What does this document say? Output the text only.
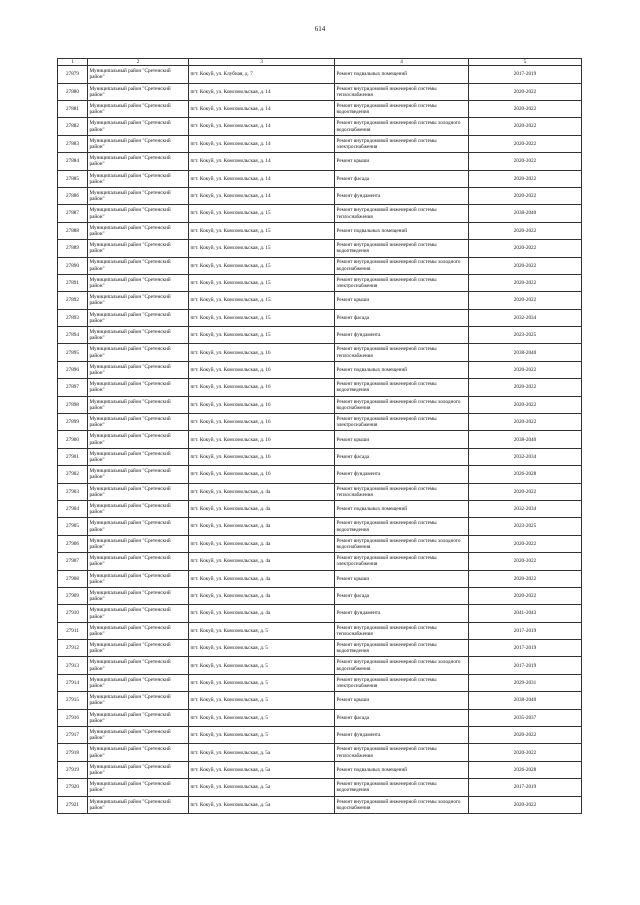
614
1	2	3	4	5
27879	Муниципальный район "Сретенский район"	пгт. Кокуй, ул. Клубная, д. 7	Ремонт подвальных помещений	2017-2019
27880	Муниципальный район "Сретенский район"	пгт. Кокуй, ул. Комсомольская, д. 14	Ремонт внутридомовой инженерной системы теплоснабжения	2020-2022
27881	Муниципальный район "Сретенский район"	пгт. Кокуй, ул. Комсомольская, д. 14	Ремонт внутридомовой инженерной системы водоотведения	2020-2022
27882	Муниципальный район "Сретенский район"	пгт. Кокуй, ул. Комсомольская, д. 14	Ремонт внутридомовой инженерной системы холодного водоснабжения	2020-2022
27883	Муниципальный район "Сретенский район"	пгт. Кокуй, ул. Комсомольская, д. 14	Ремонт внутридомовой инженерной системы электроснабжения	2020-2022
27884	Муниципальный район "Сретенский район"	пгт. Кокуй, ул. Комсомольская, д. 14	Ремонт крыши	2020-2022
27885	Муниципальный район "Сретенский район"	пгт. Кокуй, ул. Комсомольская, д. 14	Ремонт фасада	2020-2022
27886	Муниципальный район "Сретенский район"	пгт. Кокуй, ул. Комсомольская, д. 14	Ремонт фундамента	2020-2022
27887	Муниципальный район "Сретенский район"	пгт. Кокуй, ул. Комсомольская, д. 15	Ремонт внутридомовой инженерной системы теплоснабжения	2038-2040
27888	Муниципальный район "Сретенский район"	пгт. Кокуй, ул. Комсомольская, д. 15	Ремонт подвальных помещений	2020-2022
27889	Муниципальный район "Сретенский район"	пгт. Кокуй, ул. Комсомольская, д. 15	Ремонт внутридомовой инженерной системы водоотведения	2020-2022
27890	Муниципальный район "Сретенский район"	пгт. Кокуй, ул. Комсомольская, д. 15	Ремонт внутридомовой инженерной системы холодного водоснабжения	2020-2022
27891	Муниципальный район "Сретенский район"	пгт. Кокуй, ул. Комсомольская, д. 15	Ремонт внутридомовой инженерной системы электроснабжения	2020-2022
27892	Муниципальный район "Сретенский район"	пгт. Кокуй, ул. Комсомольская, д. 15	Ремонт крыши	2020-2022
27893	Муниципальный район "Сретенский район"	пгт. Кокуй, ул. Комсомольская, д. 15	Ремонт фасада	2032-2034
27894	Муниципальный район "Сретенский район"	пгт. Кокуй, ул. Комсомольская, д. 15	Ремонт фундамента	2023-2025
27895	Муниципальный район "Сретенский район"	пгт. Кокуй, ул. Комсомольская, д. 16	Ремонт внутридомовой инженерной системы теплоснабжения	2038-2040
27896	Муниципальный район "Сретенский район"	пгт. Кокуй, ул. Комсомольская, д. 16	Ремонт подвальных помещений	2020-2022
27897	Муниципальный район "Сретенский район"	пгт. Кокуй, ул. Комсомольская, д. 16	Ремонт внутридомовой инженерной системы водоотведения	2020-2022
27898	Муниципальный район "Сретенский район"	пгт. Кокуй, ул. Комсомольская, д. 16	Ремонт внутридомовой инженерной системы холодного водоснабжения	2020-2022
27899	Муниципальный район "Сретенский район"	пгт. Кокуй, ул. Комсомольская, д. 16	Ремонт внутридомовой инженерной системы электроснабжения	2020-2022
27900	Муниципальный район "Сретенский район"	пгт. Кокуй, ул. Комсомольская, д. 16	Ремонт крыши	2038-2040
27901	Муниципальный район "Сретенский район"	пгт. Кокуй, ул. Комсомольская, д. 16	Ремонт фасада	2032-2034
27902	Муниципальный район "Сретенский район"	пгт. Кокуй, ул. Комсомольская, д. 16	Ремонт фундамента	2026-2028
27903	Муниципальный район "Сретенский район"	пгт. Кокуй, ул. Комсомольская, д. 4а	Ремонт внутридомовой инженерной системы теплоснабжения	2020-2022
27904	Муниципальный район "Сретенский район"	пгт. Кокуй, ул. Комсомольская, д. 4а	Ремонт подвальных помещений	2032-2034
27905	Муниципальный район "Сретенский район"	пгт. Кокуй, ул. Комсомольская, д. 4а	Ремонт внутридомовой инженерной системы водоотведения	2023-2025
27906	Муниципальный район "Сретенский район"	пгт. Кокуй, ул. Комсомольская, д. 4а	Ремонт внутридомовой инженерной системы холодного водоснабжения	2020-2022
27907	Муниципальный район "Сретенский район"	пгт. Кокуй, ул. Комсомольская, д. 4а	Ремонт внутридомовой инженерной системы электроснабжения	2020-2022
27908	Муниципальный район "Сретенский район"	пгт. Кокуй, ул. Комсомольская, д. 4а	Ремонт крыши	2020-2022
27909	Муниципальный район "Сретенский район"	пгт. Кокуй, ул. Комсомольская, д. 4а	Ремонт фасада	2020-2022
27910	Муниципальный район "Сретенский район"	пгт. Кокуй, ул. Комсомольская, д. 4а	Ремонт фундамента	2041-2043
27911	Муниципальный район "Сретенский район"	пгт. Кокуй, ул. Комсомольская, д. 5	Ремонт внутридомовой инженерной системы теплоснабжения	2017-2019
27912	Муниципальный район "Сретенский район"	пгт. Кокуй, ул. Комсомольская, д. 5	Ремонт внутридомовой инженерной системы водоотведения	2017-2019
27913	Муниципальный район "Сретенский район"	пгт. Кокуй, ул. Комсомольская, д. 5	Ремонт внутридомовой инженерной системы холодного водоснабжения	2017-2019
27914	Муниципальный район "Сретенский район"	пгт. Кокуй, ул. Комсомольская, д. 5	Ремонт внутридомовой инженерной системы электроснабжения	2029-2031
27915	Муниципальный район "Сретенский район"	пгт. Кокуй, ул. Комсомольская, д. 5	Ремонт крыши	2038-2040
27916	Муниципальный район "Сретенский район"	пгт. Кокуй, ул. Комсомольская, д. 5	Ремонт фасада	2035-2037
27917	Муниципальный район "Сретенский район"	пгт. Кокуй, ул. Комсомольская, д. 5	Ремонт фундамента	2020-2022
27918	Муниципальный район "Сретенский район"	пгт. Кокуй, ул. Комсомольская, д. 5а	Ремонт внутридомовой инженерной системы теплоснабжения	2020-2022
27919	Муниципальный район "Сретенский район"	пгт. Кокуй, ул. Комсомольская, д. 5а	Ремонт подвальных помещений	2026-2028
27920	Муниципальный район "Сретенский район"	пгт. Кокуй, ул. Комсомольская, д. 5а	Ремонт внутридомовой инженерной системы водоотведения	2017-2019
27921	Муниципальный район "Сретенский район"	пгт. Кокуй, ул. Комсомольская, д. 5а	Ремонт внутридомовой инженерной системы холодного водоснабжения	2020-2022
